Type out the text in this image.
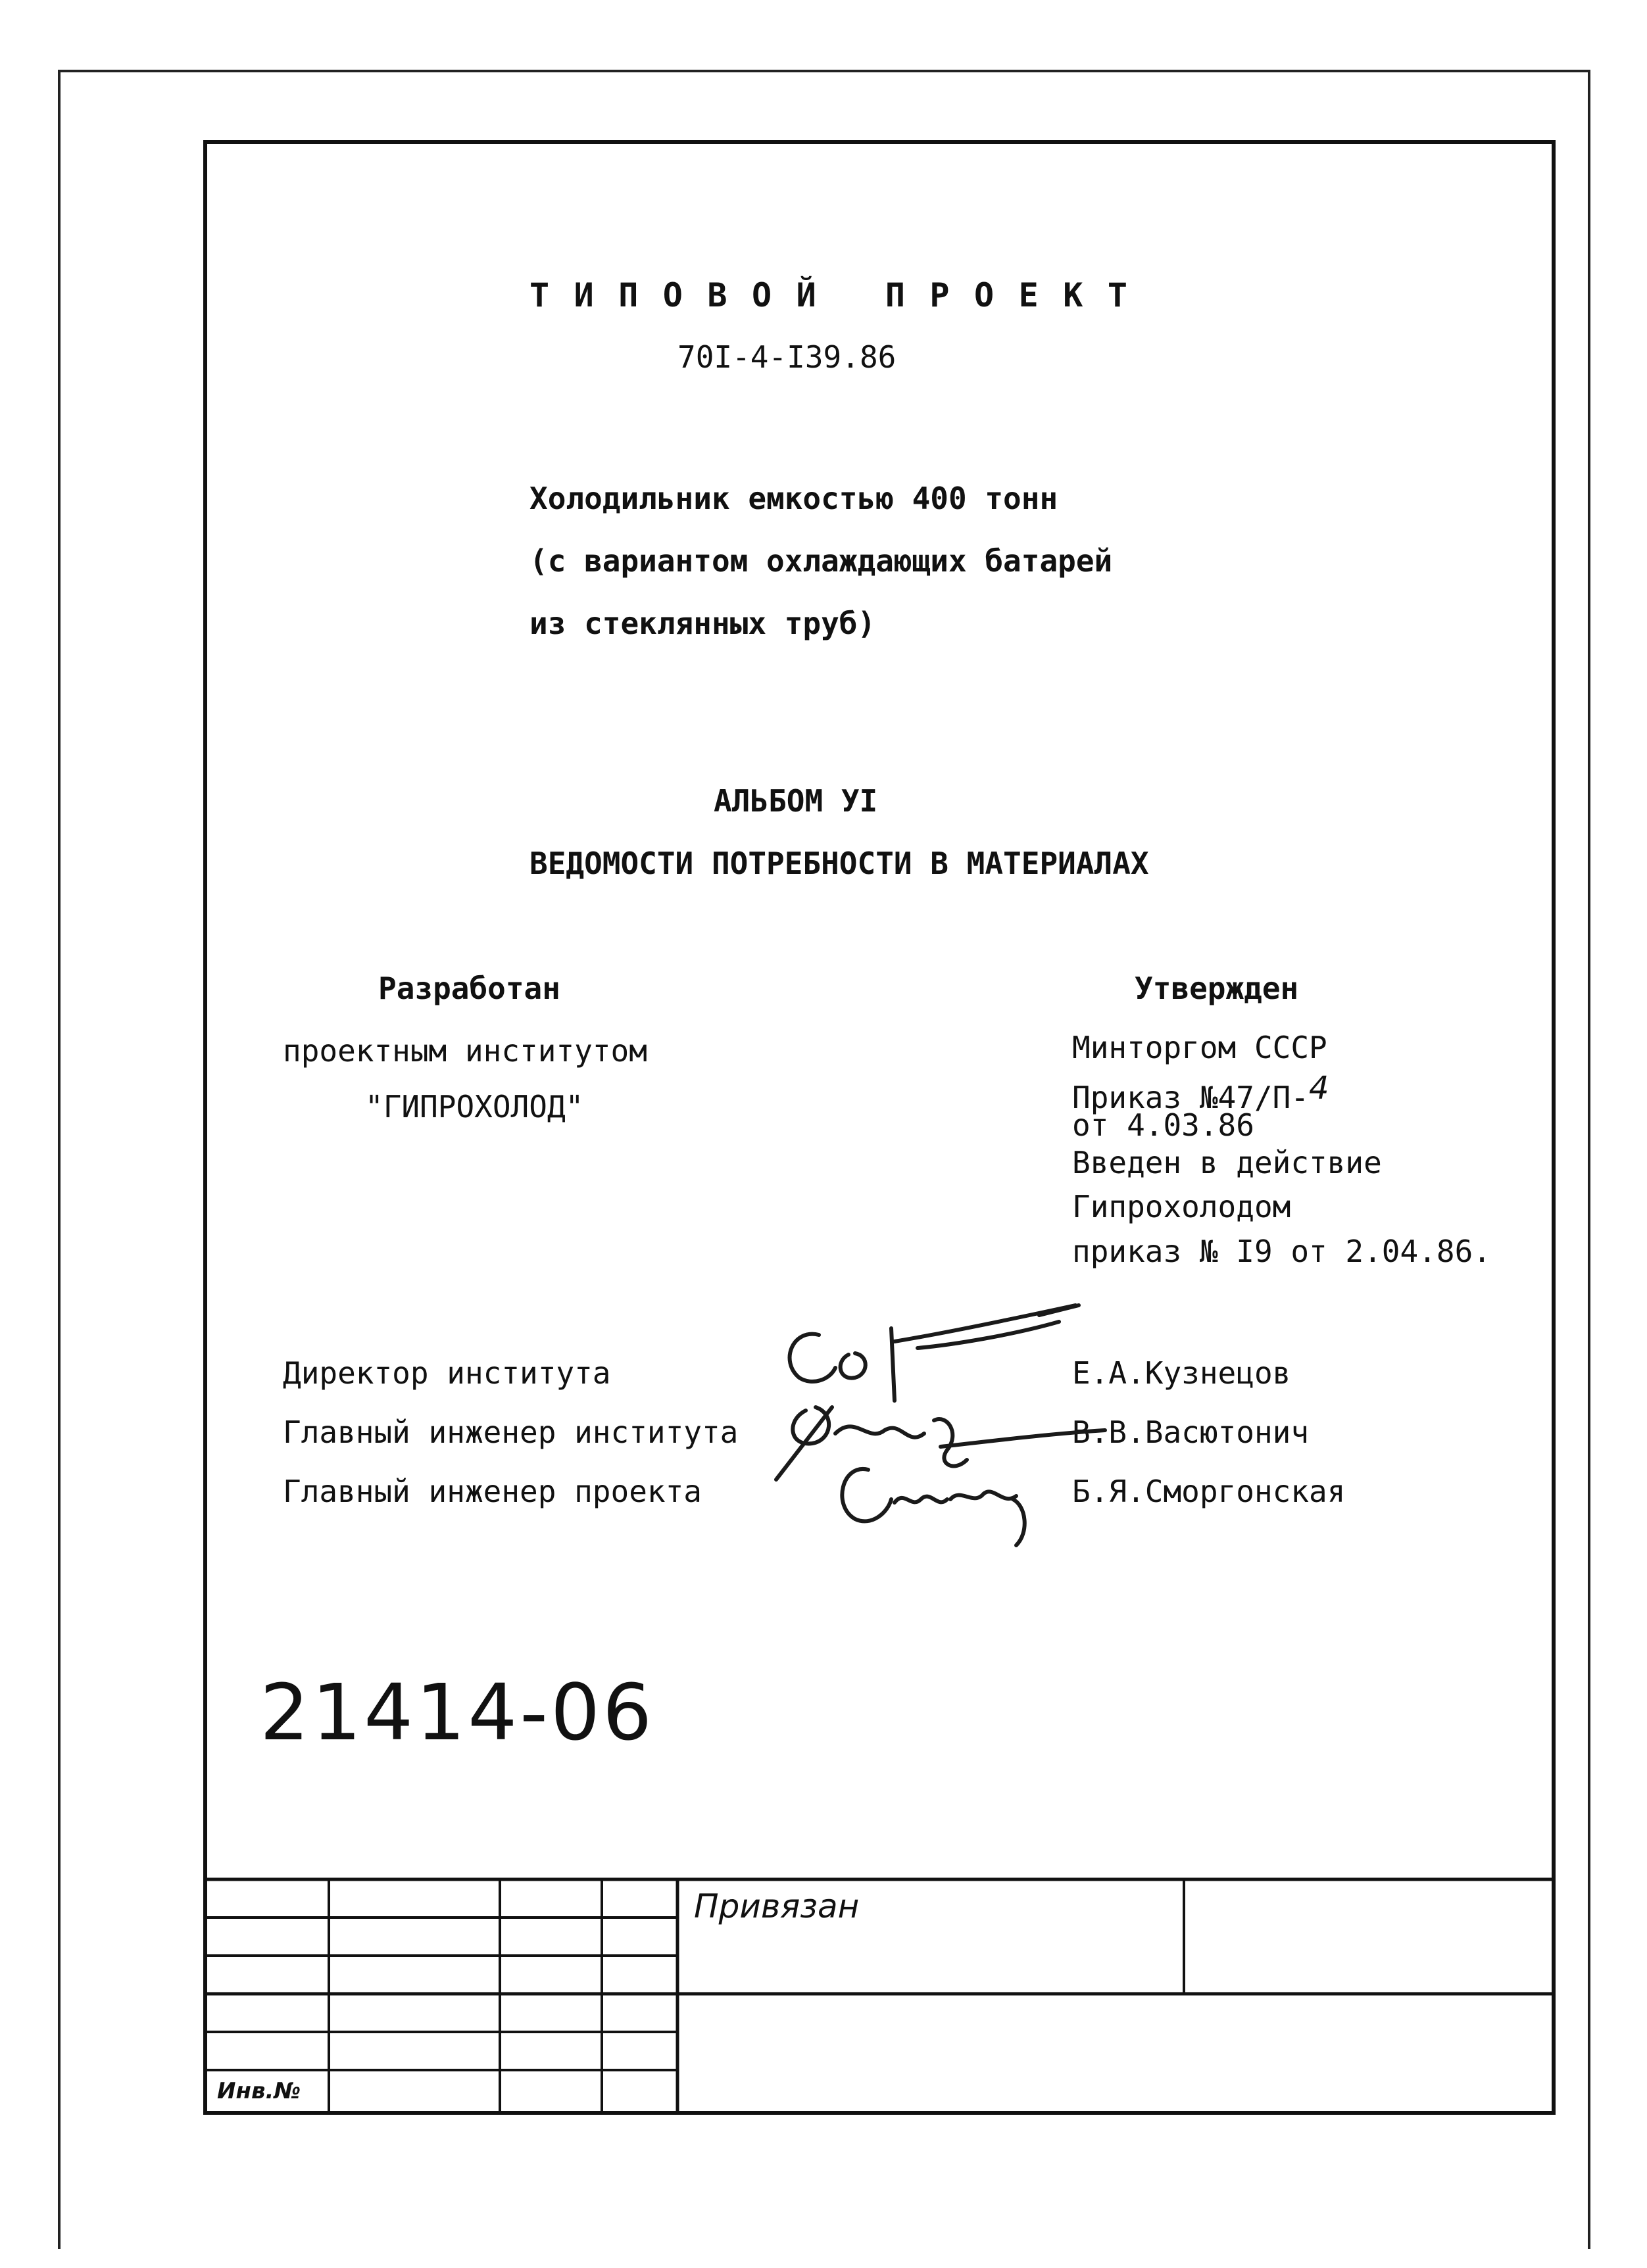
ТИПОВОЙ ПРОЕКТ
70I-4-I39.86
Холодильник емкостью 400 тонн
(с вариантом охлаждающих батарей
из стеклянных труб)
АЛЬБОМ УI
ВЕДОМОСТИ ПОТРЕБНОСТИ В МАТЕРИАЛАХ
Разработан
проектным институтом
"ГИПРОХОЛОД"
Утвержден
Минторгом СССР
Приказ №47/П-4
от 4.03.86
Введен в действие
Гипрохолодом
приказ № I9 от 2.04.86.
Директор института
Главный инженер института
Главный инженер проекта
Е.А.Кузнецов
В.В.Васютонич
Б.Я.Сморгонская
21414-06
Привязан
Инв.№
